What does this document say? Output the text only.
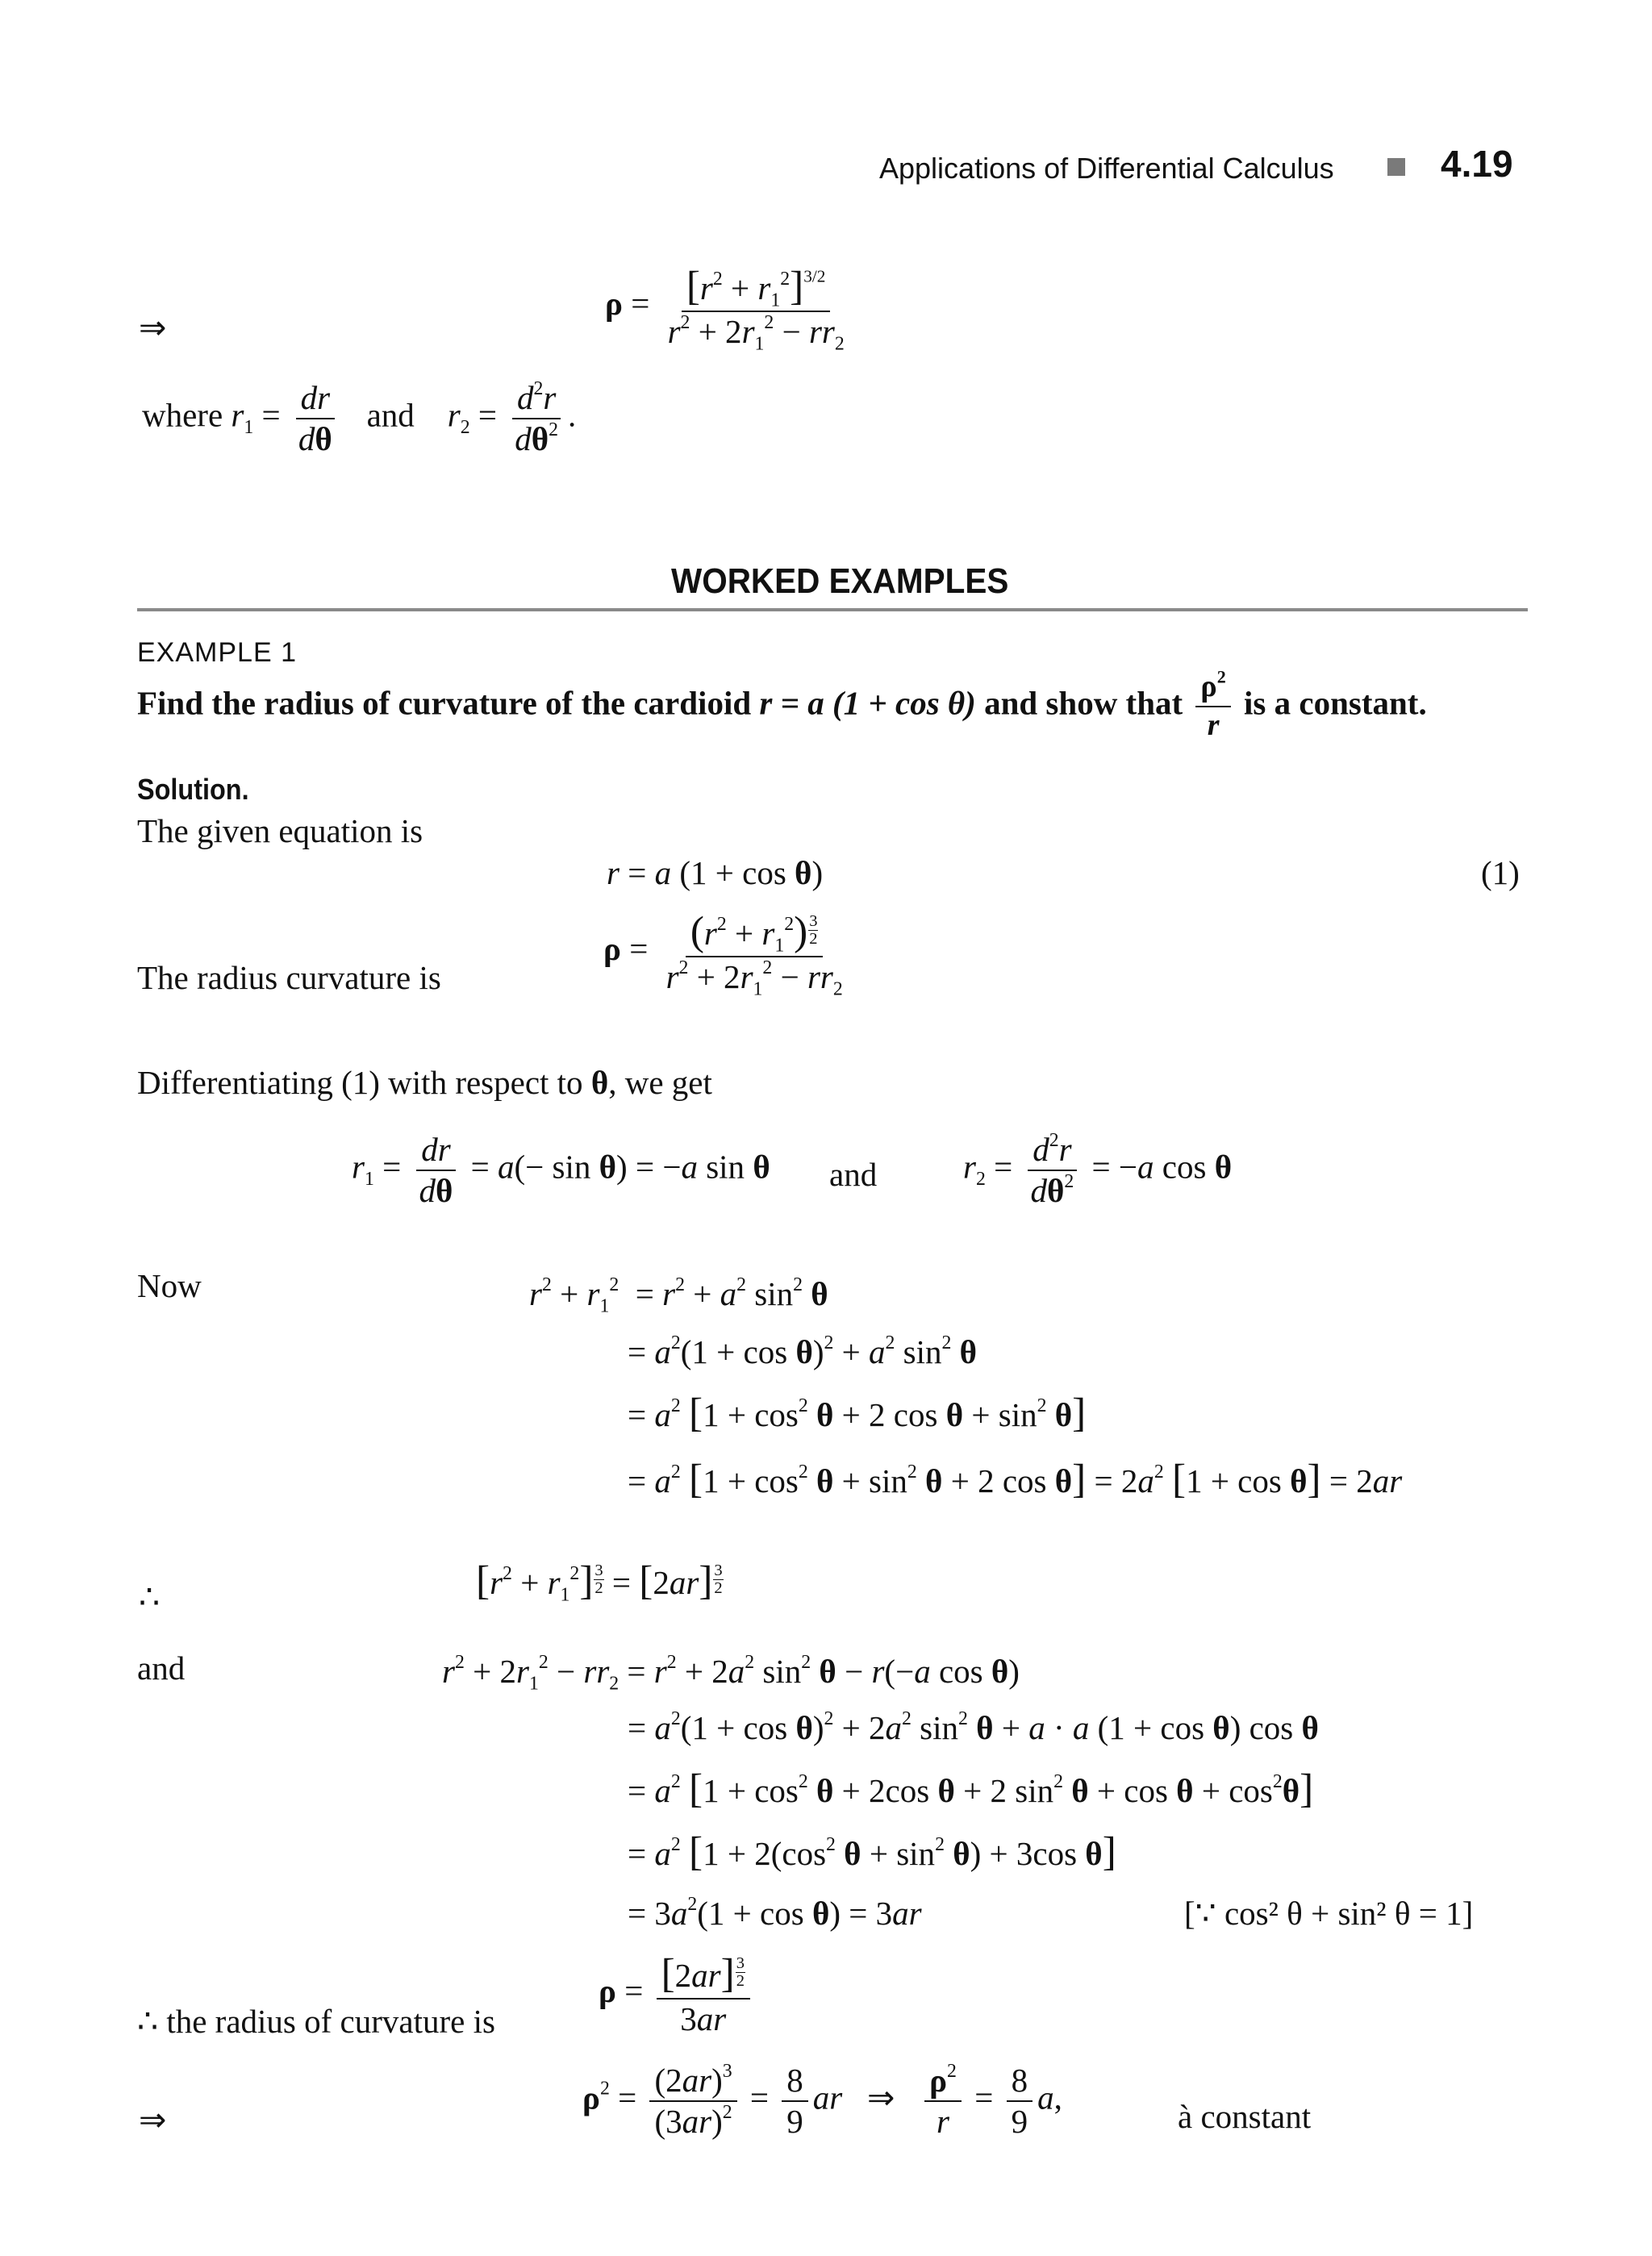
Applications of Differential Calculus	4.19
⇒
$\rho = \frac{[r^2 + r_1^2]^{3/2}}{r^2 + 2r_1^2 - rr_2}$
where $r_1 = \frac{dr}{d\theta}$ and $r_2 = \frac{d^2r}{d\theta^2}$ .
WORKED EXAMPLES
EXAMPLE 1
Find the radius of curvature of the cardioid r = a (1 + cos θ) and show that $\frac{\rho^2}{r}$ is a constant.
Solution.
The given equation is
r = a (1 + cos θ)	(1)
The radius curvature is
$\rho = \frac{(r^2 + r_1^2) \frac{3}{2}}{r^2 + 2r_1^2 - rr_2}$
Differentiating (1) with respect to θ, we get
$r_1 = \frac{dr}{d\theta} = a(- \sin \theta) = -a$ sin θ and	$r_2 = \frac{d^2r}{d\theta^2} = -a$ cos θ
Now	$r^2 + r_1^2 = r^2 + a^2$ $\sin^2 \theta$
= $a^2(1 + \cos \theta)^2 + a^2$ $\sin^2 \theta$
= $a^2$ [$1 + \cos^2 \theta + 2$ $\cos \theta + \sin^2 \theta$]
= $a^2$ [$1 + \cos^2 \theta + \sin^2 \theta + 2$ $\cos \theta] = 2a^2$ [1 + cos θ] = 2ar
∴	$[r^2 + r_1^2] \frac{3}{2} = [2ar] \frac{3}{2}$
and	$r^2 + 2r_1^2 - rr_2 = r^2 + 2a^2$ $\sin^2 \theta - r(-a$ cos θ)
= $a^2(1 + \cos \theta)^2 + 2a^2$ $\sin^2 \theta + a \cdot a$ (1 + cos θ) cos θ
= $a^2$ [$1 + \cos^2 \theta + 2\cos$ θ + 2 $\sin^2 \theta + \cos \theta + \cos^2\theta$]
= $a^2$ [$1 + 2(\cos^2$ $\theta + \sin^2 \theta) + 3\cos$ θ]
= $3a^2(1 + \cos \theta) = 3ar$	[∵ cos² θ + sin² θ = 1]
∴ the radius of curvature is
$\rho = \frac{[2ar] \frac{3}{2}}{3ar}$
⇒
$\rho^2 = \frac{(2ar)^3}{(3ar)^2} = \frac{8}{9}$ ar   ⇒ $\frac{\rho^2}{r} = \frac{8}{9} a$,
à constant
